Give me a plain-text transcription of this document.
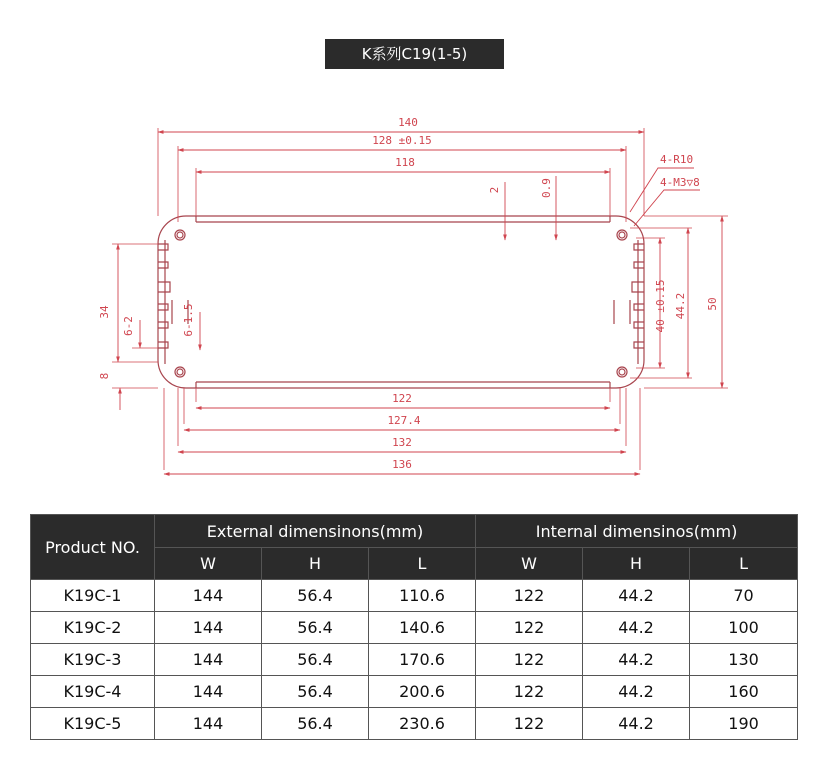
K系列C19(1-5)
140
128 ±0.15
118
2	0.9
4-R10
4-M3▽8
34
6-2	6-1.5
8
40 ±0.15 44.2 50
122
127.4
132
136
Product NO.	External dimensinons(mm)			Internal dimensinos(mm)		
	W	H	L	W	H	L
K19C-1	144	56.4	110.6	122	44.2	70
K19C-2	144	56.4	140.6	122	44.2	100
K19C-3	144	56.4	170.6	122	44.2	130
K19C-4	144	56.4	200.6	122	44.2	160
K19C-5	144	56.4	230.6	122	44.2	190
